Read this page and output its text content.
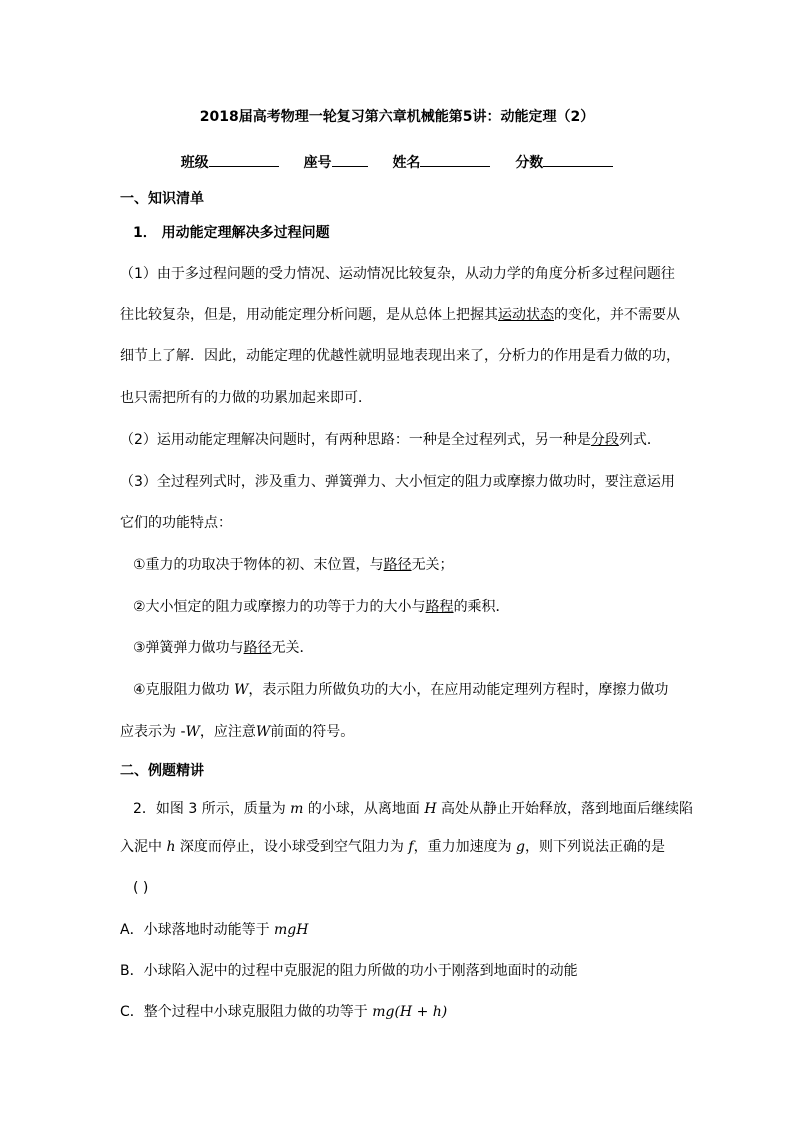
2018届高考物理一轮复习第六章机械能第5讲：动能定理（2）
班级	座号	姓名	分数
一、知识清单
1． 用动能定理解决多过程问题
（1）由于多过程问题的受力情况、运动情况比较复杂，从动力学的角度分析多过程问题往
往比较复杂，但是，用动能定理分析问题，是从总体上把握其运动状态的变化，并不需要从
细节上了解．因此，动能定理的优越性就明显地表现出来了，分析力的作用是看力做的功，
也只需把所有的力做的功累加起来即可．
（2）运用动能定理解决问题时，有两种思路：一种是全过程列式，另一种是分段列式．
（3）全过程列式时，涉及重力、弹簧弹力、大小恒定的阻力或摩擦力做功时，要注意运用
它们的功能特点：
①重力的功取决于物体的初、末位置，与路径无关；
②大小恒定的阻力或摩擦力的功等于力的大小与路程的乘积．
③弹簧弹力做功与路径无关．
④克服阻力做功 W，表示阻力所做负功的大小，在应用动能定理列方程时，摩擦力做功
应表示为 -W，应注意W前面的符号。
二、例题精讲
2．如图 3 所示，质量为 m 的小球，从离地面 H 高处从静止开始释放，落到地面后继续陷
入泥中 h 深度而停止，设小球受到空气阻力为 f，重力加速度为 g，则下列说法正确的是
( )
A．小球落地时动能等于 mgH
B．小球陷入泥中的过程中克服泥的阻力所做的功小于刚落到地面时的动能
C．整个过程中小球克服阻力做的功等于 mg(H + h)
